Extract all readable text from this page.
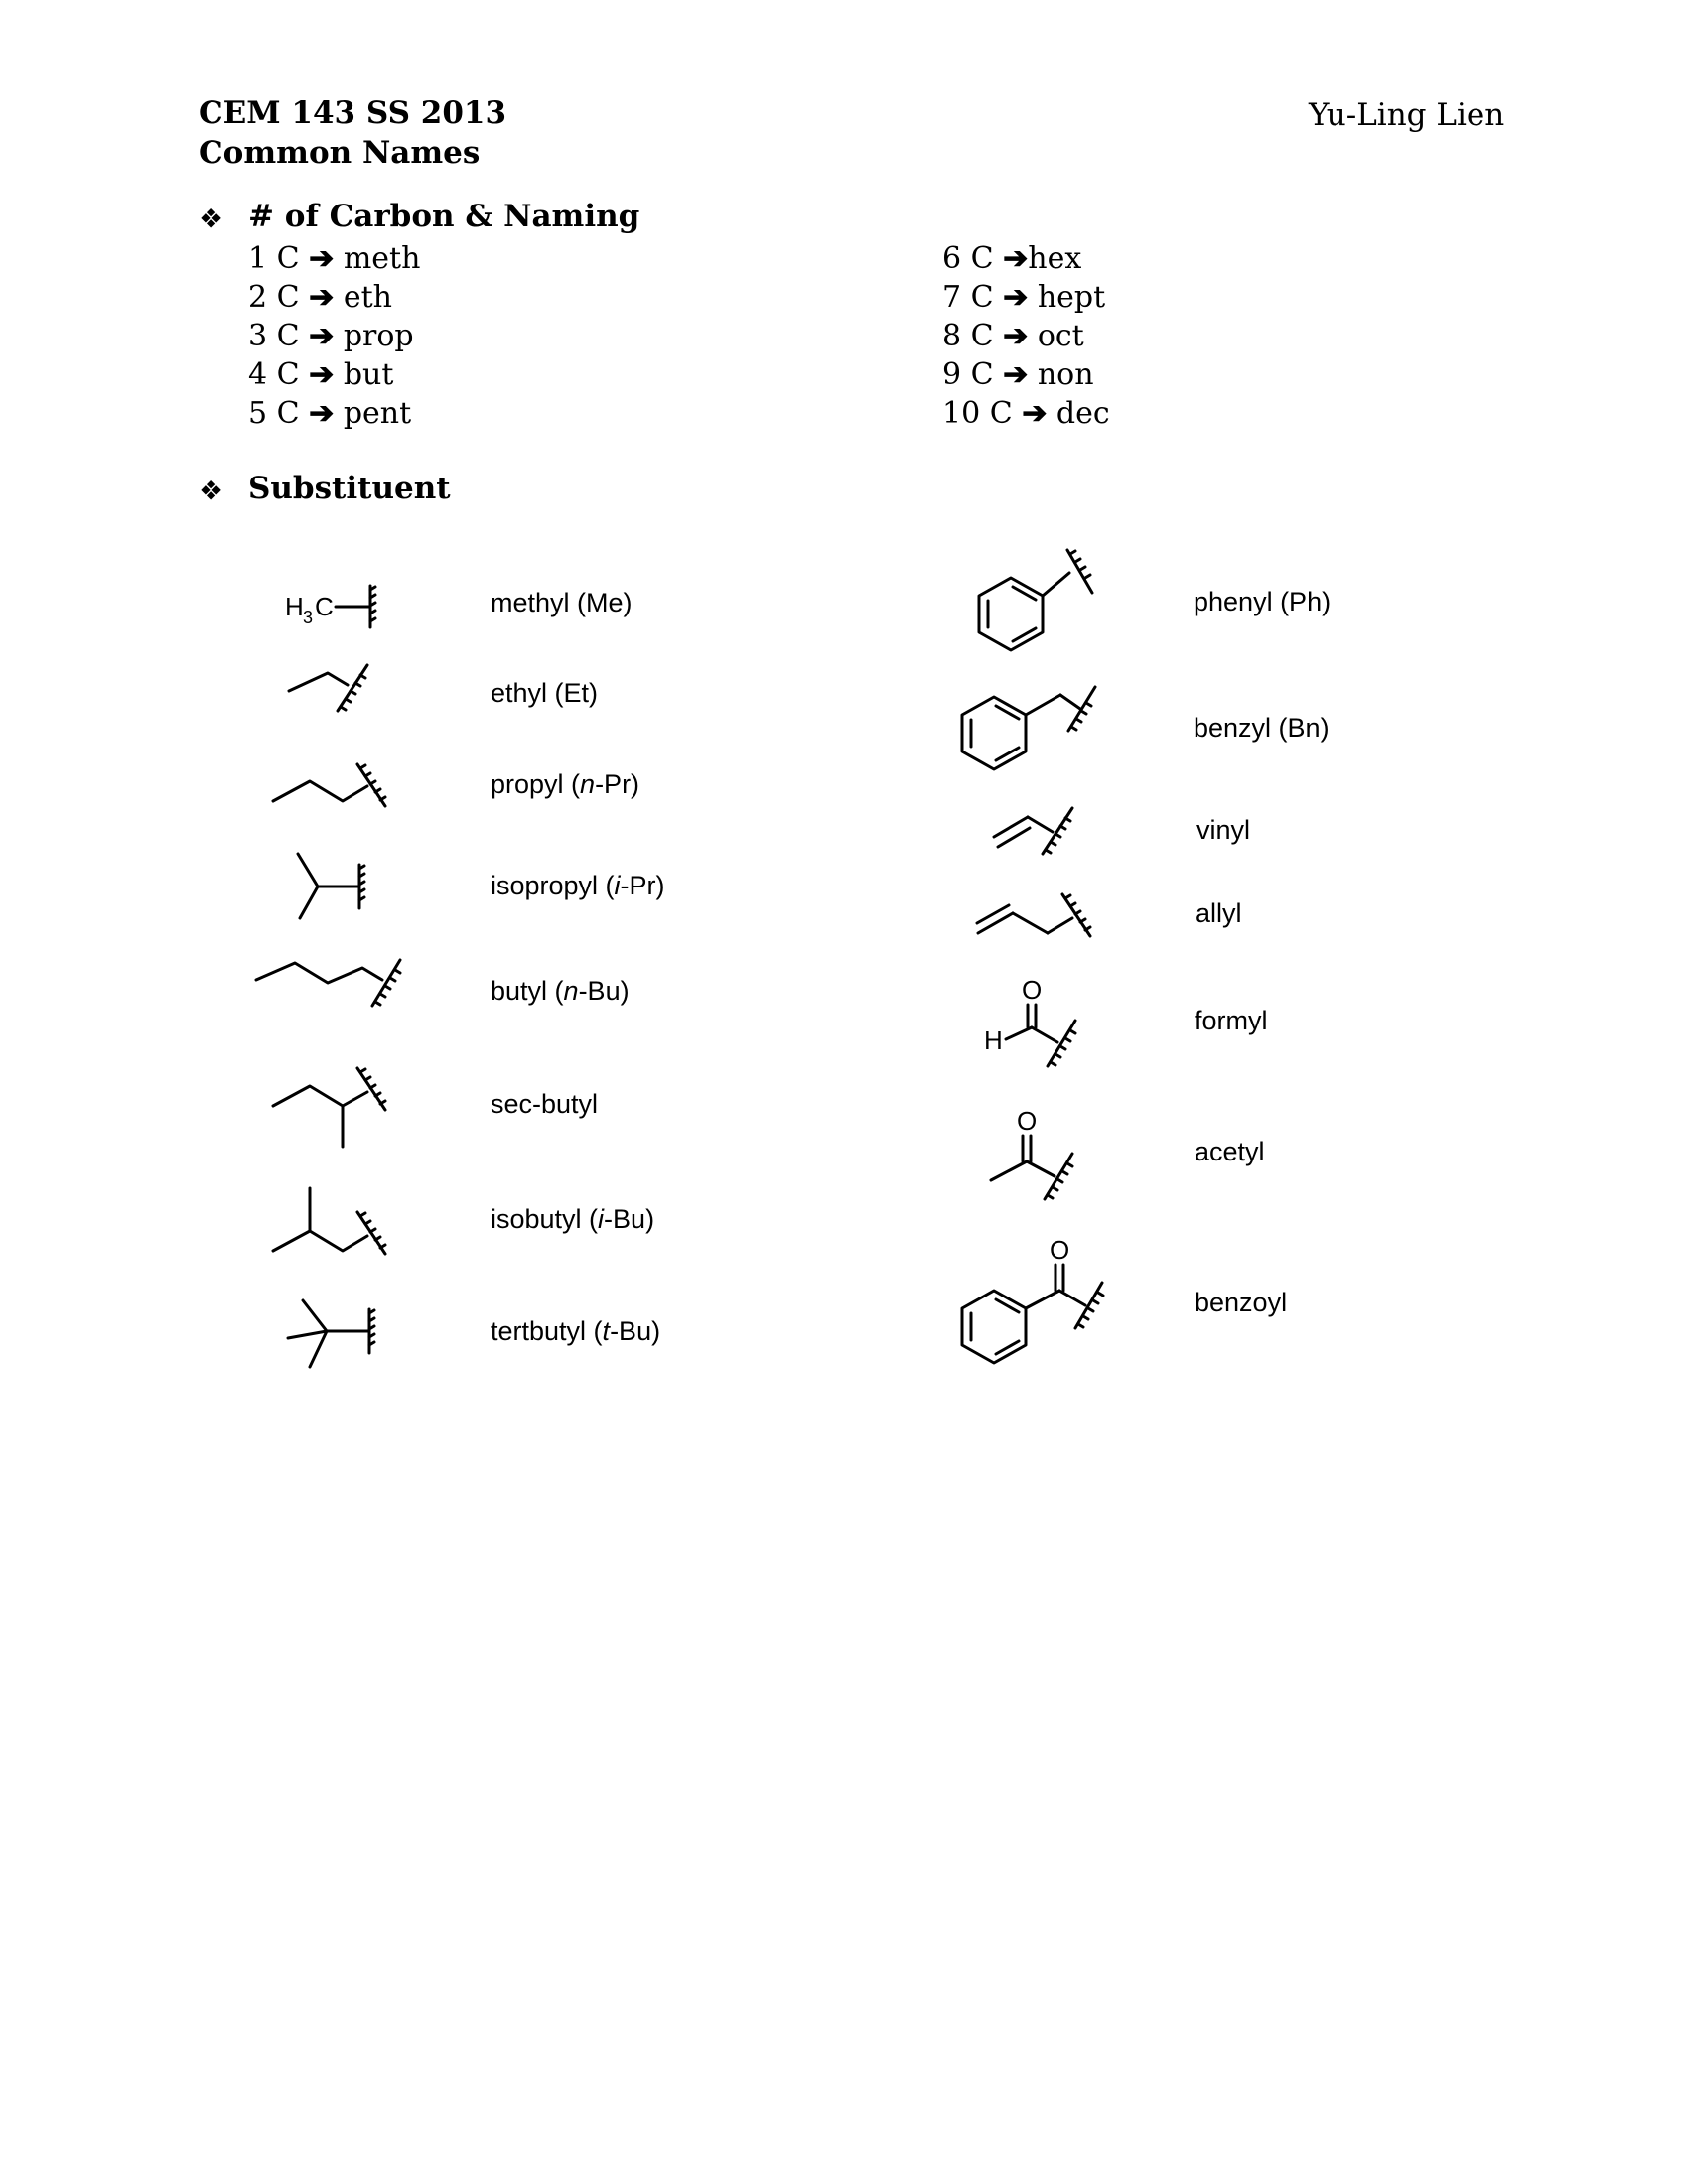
CEM 143 SS 2013
Common Names
Yu-Ling Lien
❖ # of Carbon & Naming
1 C ➔ meth
2 C ➔ eth
3 C ➔ prop
4 C ➔ but
5 C ➔ pent
6 C ➔hex
7 C ➔ hept
8 C ➔ oct
9 C ➔ non
10 C ➔ dec
❖ Substituent
H 3 C	methyl (Me)
ethyl (Et)
propyl (n-Pr)
isopropyl (i-Pr)
butyl (n-Bu)
sec-butyl
isobutyl (i-Bu)
tertbutyl (t-Bu)
O
H
O
O
phenyl (Ph)
benzyl (Bn)
vinyl
allyl
formyl
acetyl
benzoyl
